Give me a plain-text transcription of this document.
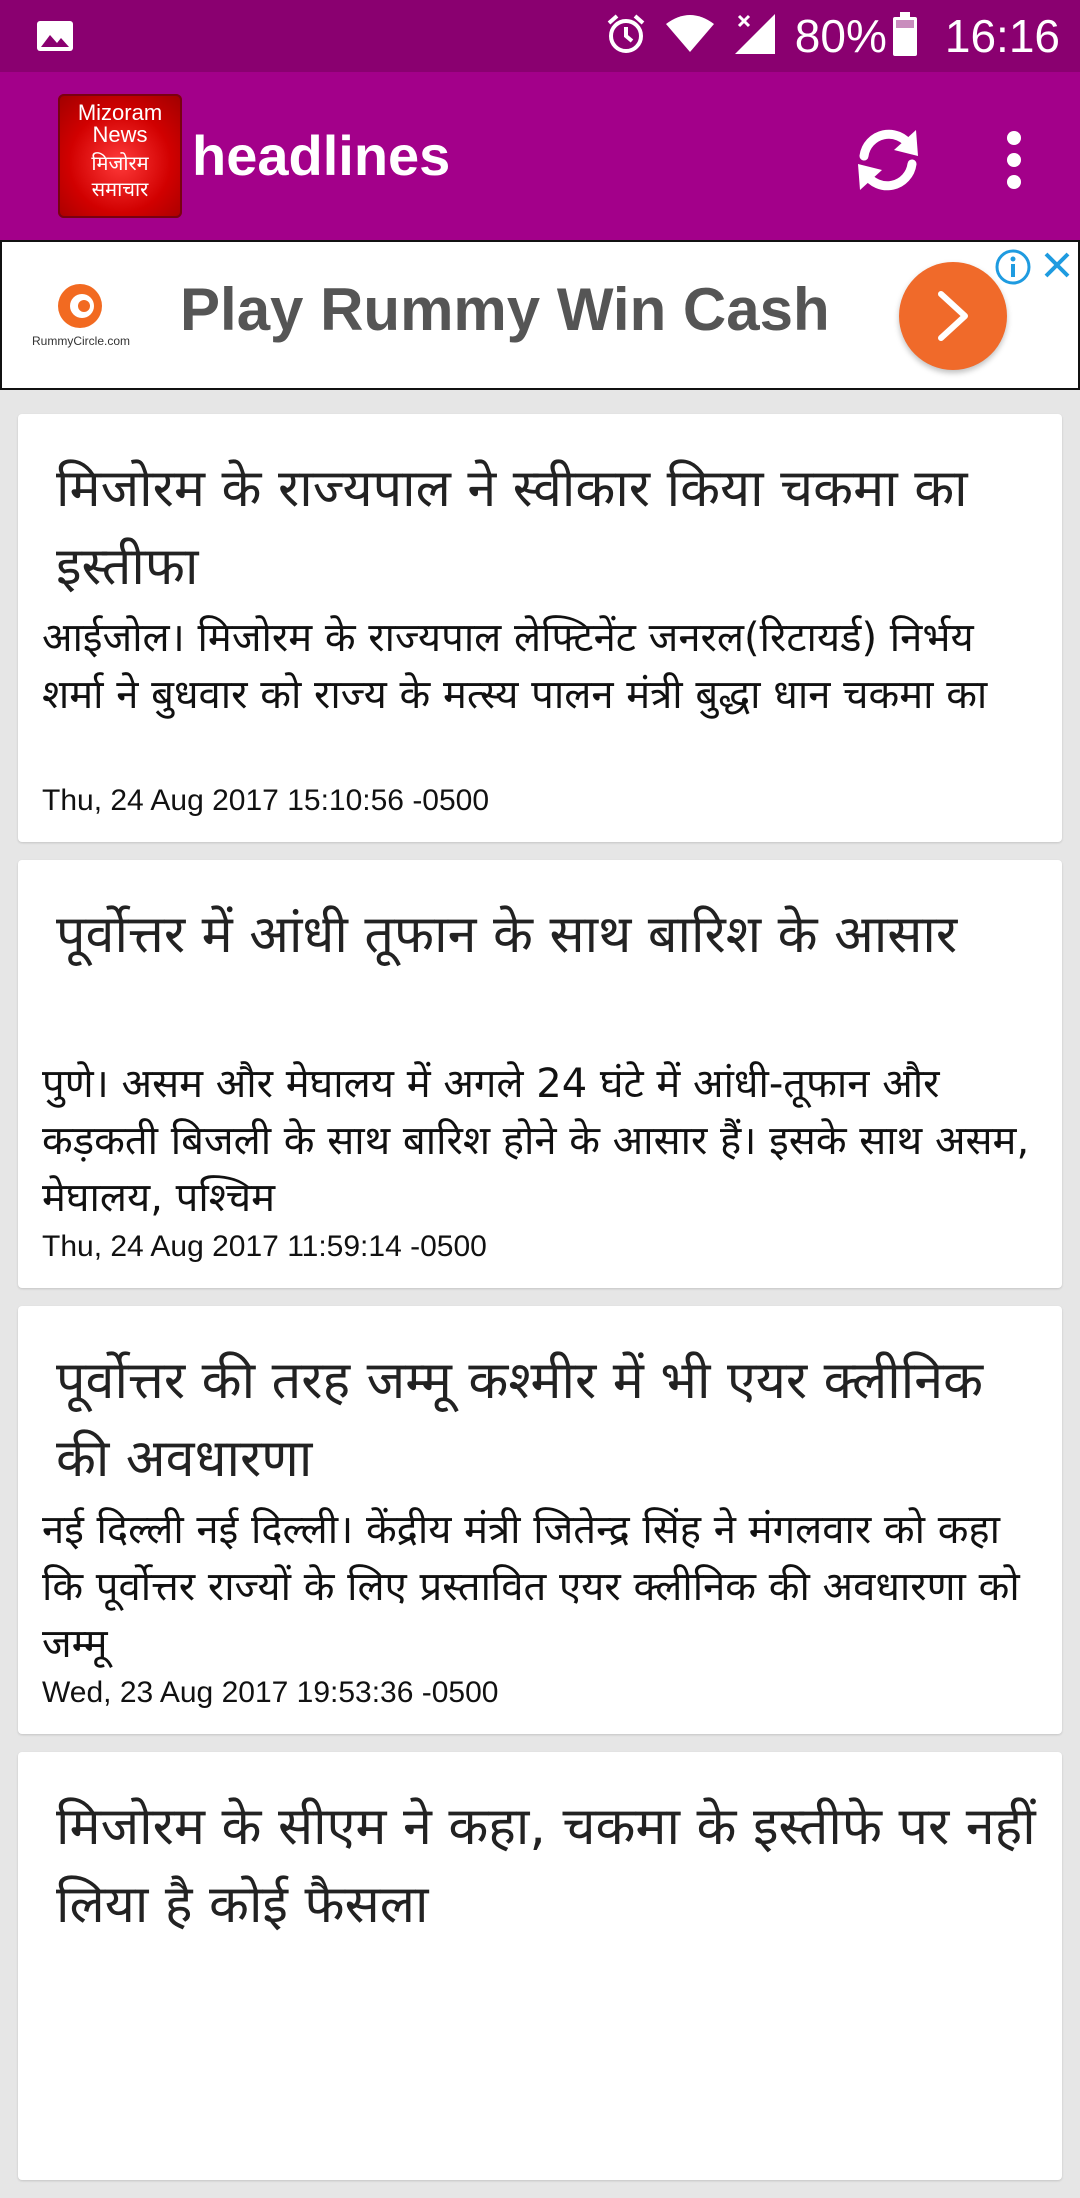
80% 16:16
Mizoram
News
मिजोरम
समाचार
headlines
RummyCircle.com Play Rummy Win Cash
मिजोरम के राज्यपाल ने स्वीकार किया चकमा का इस्तीफा
आईजोल। मिजोरम के राज्यपाल लेफ्टिनेंट जनरल(रिटायर्ड) निर्भय शर्मा ने बुधवार को राज्य के मत्स्य पालन मंत्री बुद्धा धान चकमा का
Thu, 24 Aug 2017 15:10:56 -0500
पूर्वोत्तर में आंधी तूफान के साथ बारिश के आसार
पुणे। असम और मेघालय में अगले 24 घंटे में आंधी-तूफान और कड़कती बिजली के साथ बारिश होने के आसार हैं। इसके साथ असम, मेघालय, पश्चिम
Thu, 24 Aug 2017 11:59:14 -0500
पूर्वोत्तर की तरह जम्मू कश्मीर में भी एयर क्लीनिक की अवधारणा
नई दिल्ली नई दिल्ली। केंद्रीय मंत्री जितेन्द्र सिंह ने मंगलवार को कहा कि पूर्वोत्तर राज्यों के लिए प्रस्तावित एयर क्लीनिक की अवधारणा को जम्मू
Wed, 23 Aug 2017 19:53:36 -0500
मिजोरम के सीएम ने कहा, चकमा के इस्तीफे पर नहीं लिया है कोई फैसला
